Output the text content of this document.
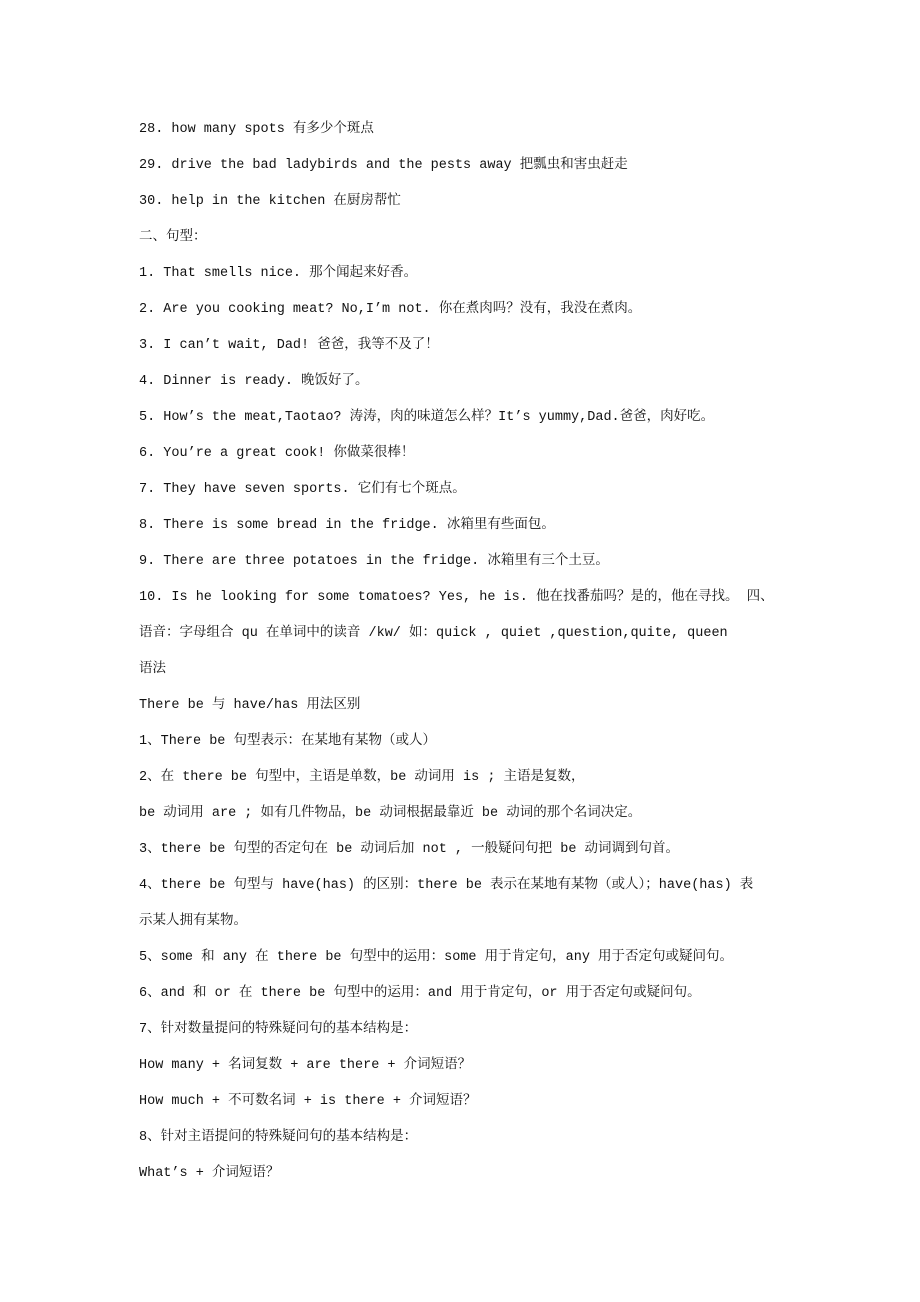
28. how many spots 有多少个斑点
29. drive the bad ladybirds and the pests away 把瓢虫和害虫赶走
30. help in the kitchen 在厨房帮忙
二、句型：
1. That smells nice. 那个闻起来好香。
2. Are you cooking meat? No,I’m not. 你在煮肉吗？没有，我没在煮肉。
3. I can’t wait, Dad! 爸爸，我等不及了！
4. Dinner is ready. 晚饭好了。
5. How’s the meat,Taotao? 涛涛，肉的味道怎么样？It’s yummy,Dad.爸爸，肉好吃。
6. You’re a great cook! 你做菜很棒！
7. They have seven sports. 它们有七个斑点。
8. There is some bread in the fridge. 冰箱里有些面包。
9. There are three potatoes in the fridge. 冰箱里有三个土豆。
10. Is he looking for some tomatoes? Yes, he is. 他在找番茄吗？是的，他在寻找。 四、
语音：字母组合 qu 在单词中的读音 /kw/ 如：quick , quiet ,question,quite, queen
语法
There be 与 have/has 用法区别
1、There be 句型表示：在某地有某物（或人）
2、在 there be 句型中，主语是单数，be 动词用 is ; 主语是复数，
be 动词用 are ; 如有几件物品，be 动词根据最靠近 be 动词的那个名词决定。
3、there be 句型的否定句在 be 动词后加 not , 一般疑问句把 be 动词调到句首。
4、there be 句型与 have(has) 的区别：there be 表示在某地有某物（或人）；have(has) 表
示某人拥有某物。
5、some 和 any 在 there be 句型中的运用：some 用于肯定句，any 用于否定句或疑问句。
6、and 和 or 在 there be 句型中的运用：and 用于肯定句，or 用于否定句或疑问句。
7、针对数量提问的特殊疑问句的基本结构是：
How many + 名词复数 + are there + 介词短语？
How much + 不可数名词 + is there + 介词短语？
8、针对主语提问的特殊疑问句的基本结构是：
What’s + 介词短语？
